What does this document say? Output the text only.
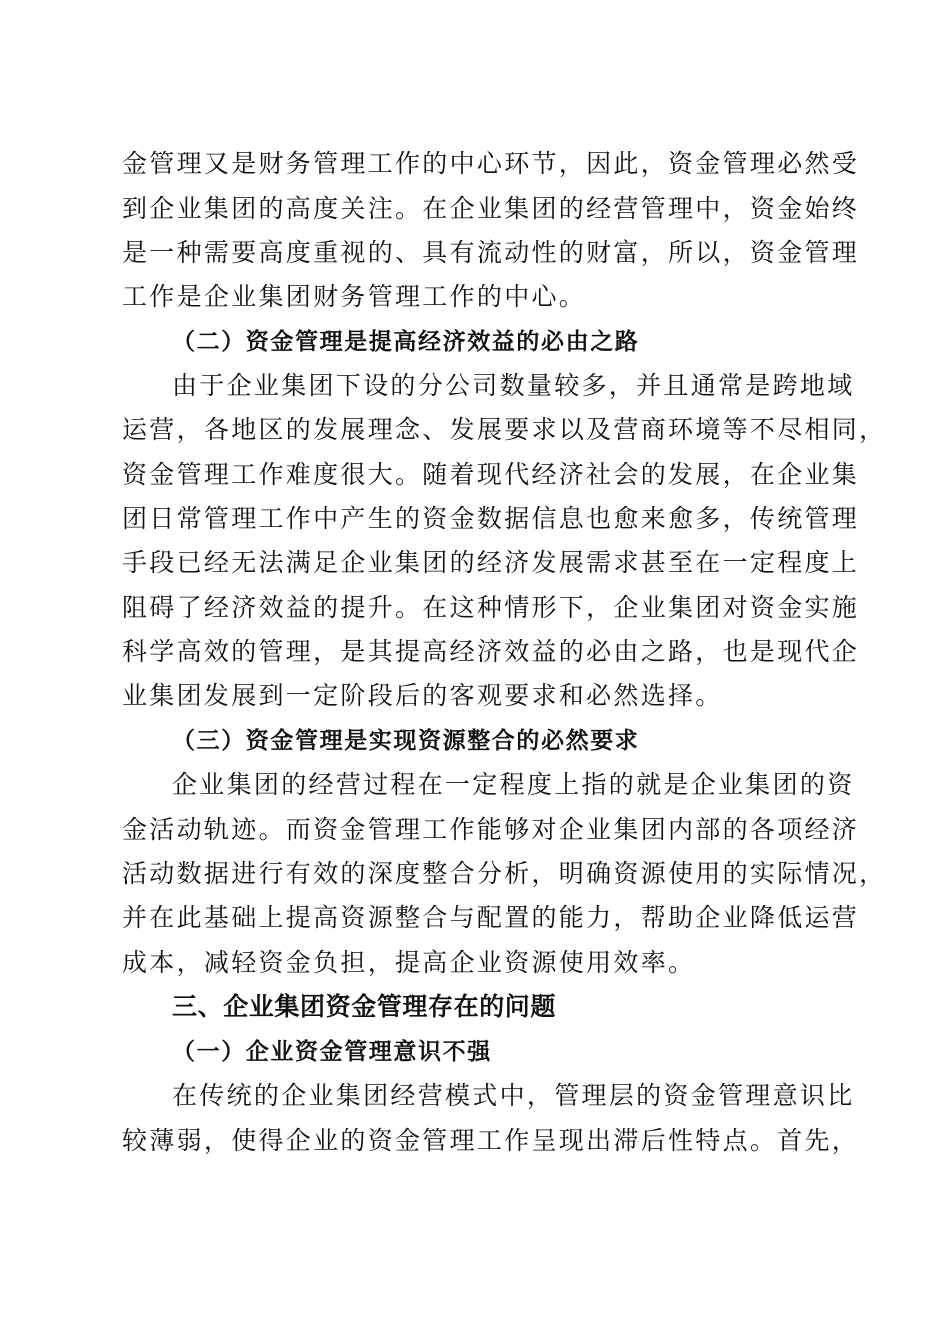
金管理又是财务管理工作的中心环节，因此，资金管理必然受
到企业集团的高度关注。在企业集团的经营管理中，资金始终
是一种需要高度重视的、具有流动性的财富，所以，资金管理
工作是企业集团财务管理工作的中心。
（二）资金管理是提高经济效益的必由之路
由于企业集团下设的分公司数量较多，并且通常是跨地域
运营，各地区的发展理念、发展要求以及营商环境等不尽相同，
资金管理工作难度很大。随着现代经济社会的发展，在企业集
团日常管理工作中产生的资金数据信息也愈来愈多，传统管理
手段已经无法满足企业集团的经济发展需求甚至在一定程度上
阻碍了经济效益的提升。在这种情形下，企业集团对资金实施
科学高效的管理，是其提高经济效益的必由之路，也是现代企
业集团发展到一定阶段后的客观要求和必然选择。
（三）资金管理是实现资源整合的必然要求
企业集团的经营过程在一定程度上指的就是企业集团的资
金活动轨迹。而资金管理工作能够对企业集团内部的各项经济
活动数据进行有效的深度整合分析，明确资源使用的实际情况，
并在此基础上提高资源整合与配置的能力，帮助企业降低运营
成本，减轻资金负担，提高企业资源使用效率。
三、企业集团资金管理存在的问题
（一）企业资金管理意识不强
在传统的企业集团经营模式中，管理层的资金管理意识比
较薄弱，使得企业的资金管理工作呈现出滞后性特点。首先，
